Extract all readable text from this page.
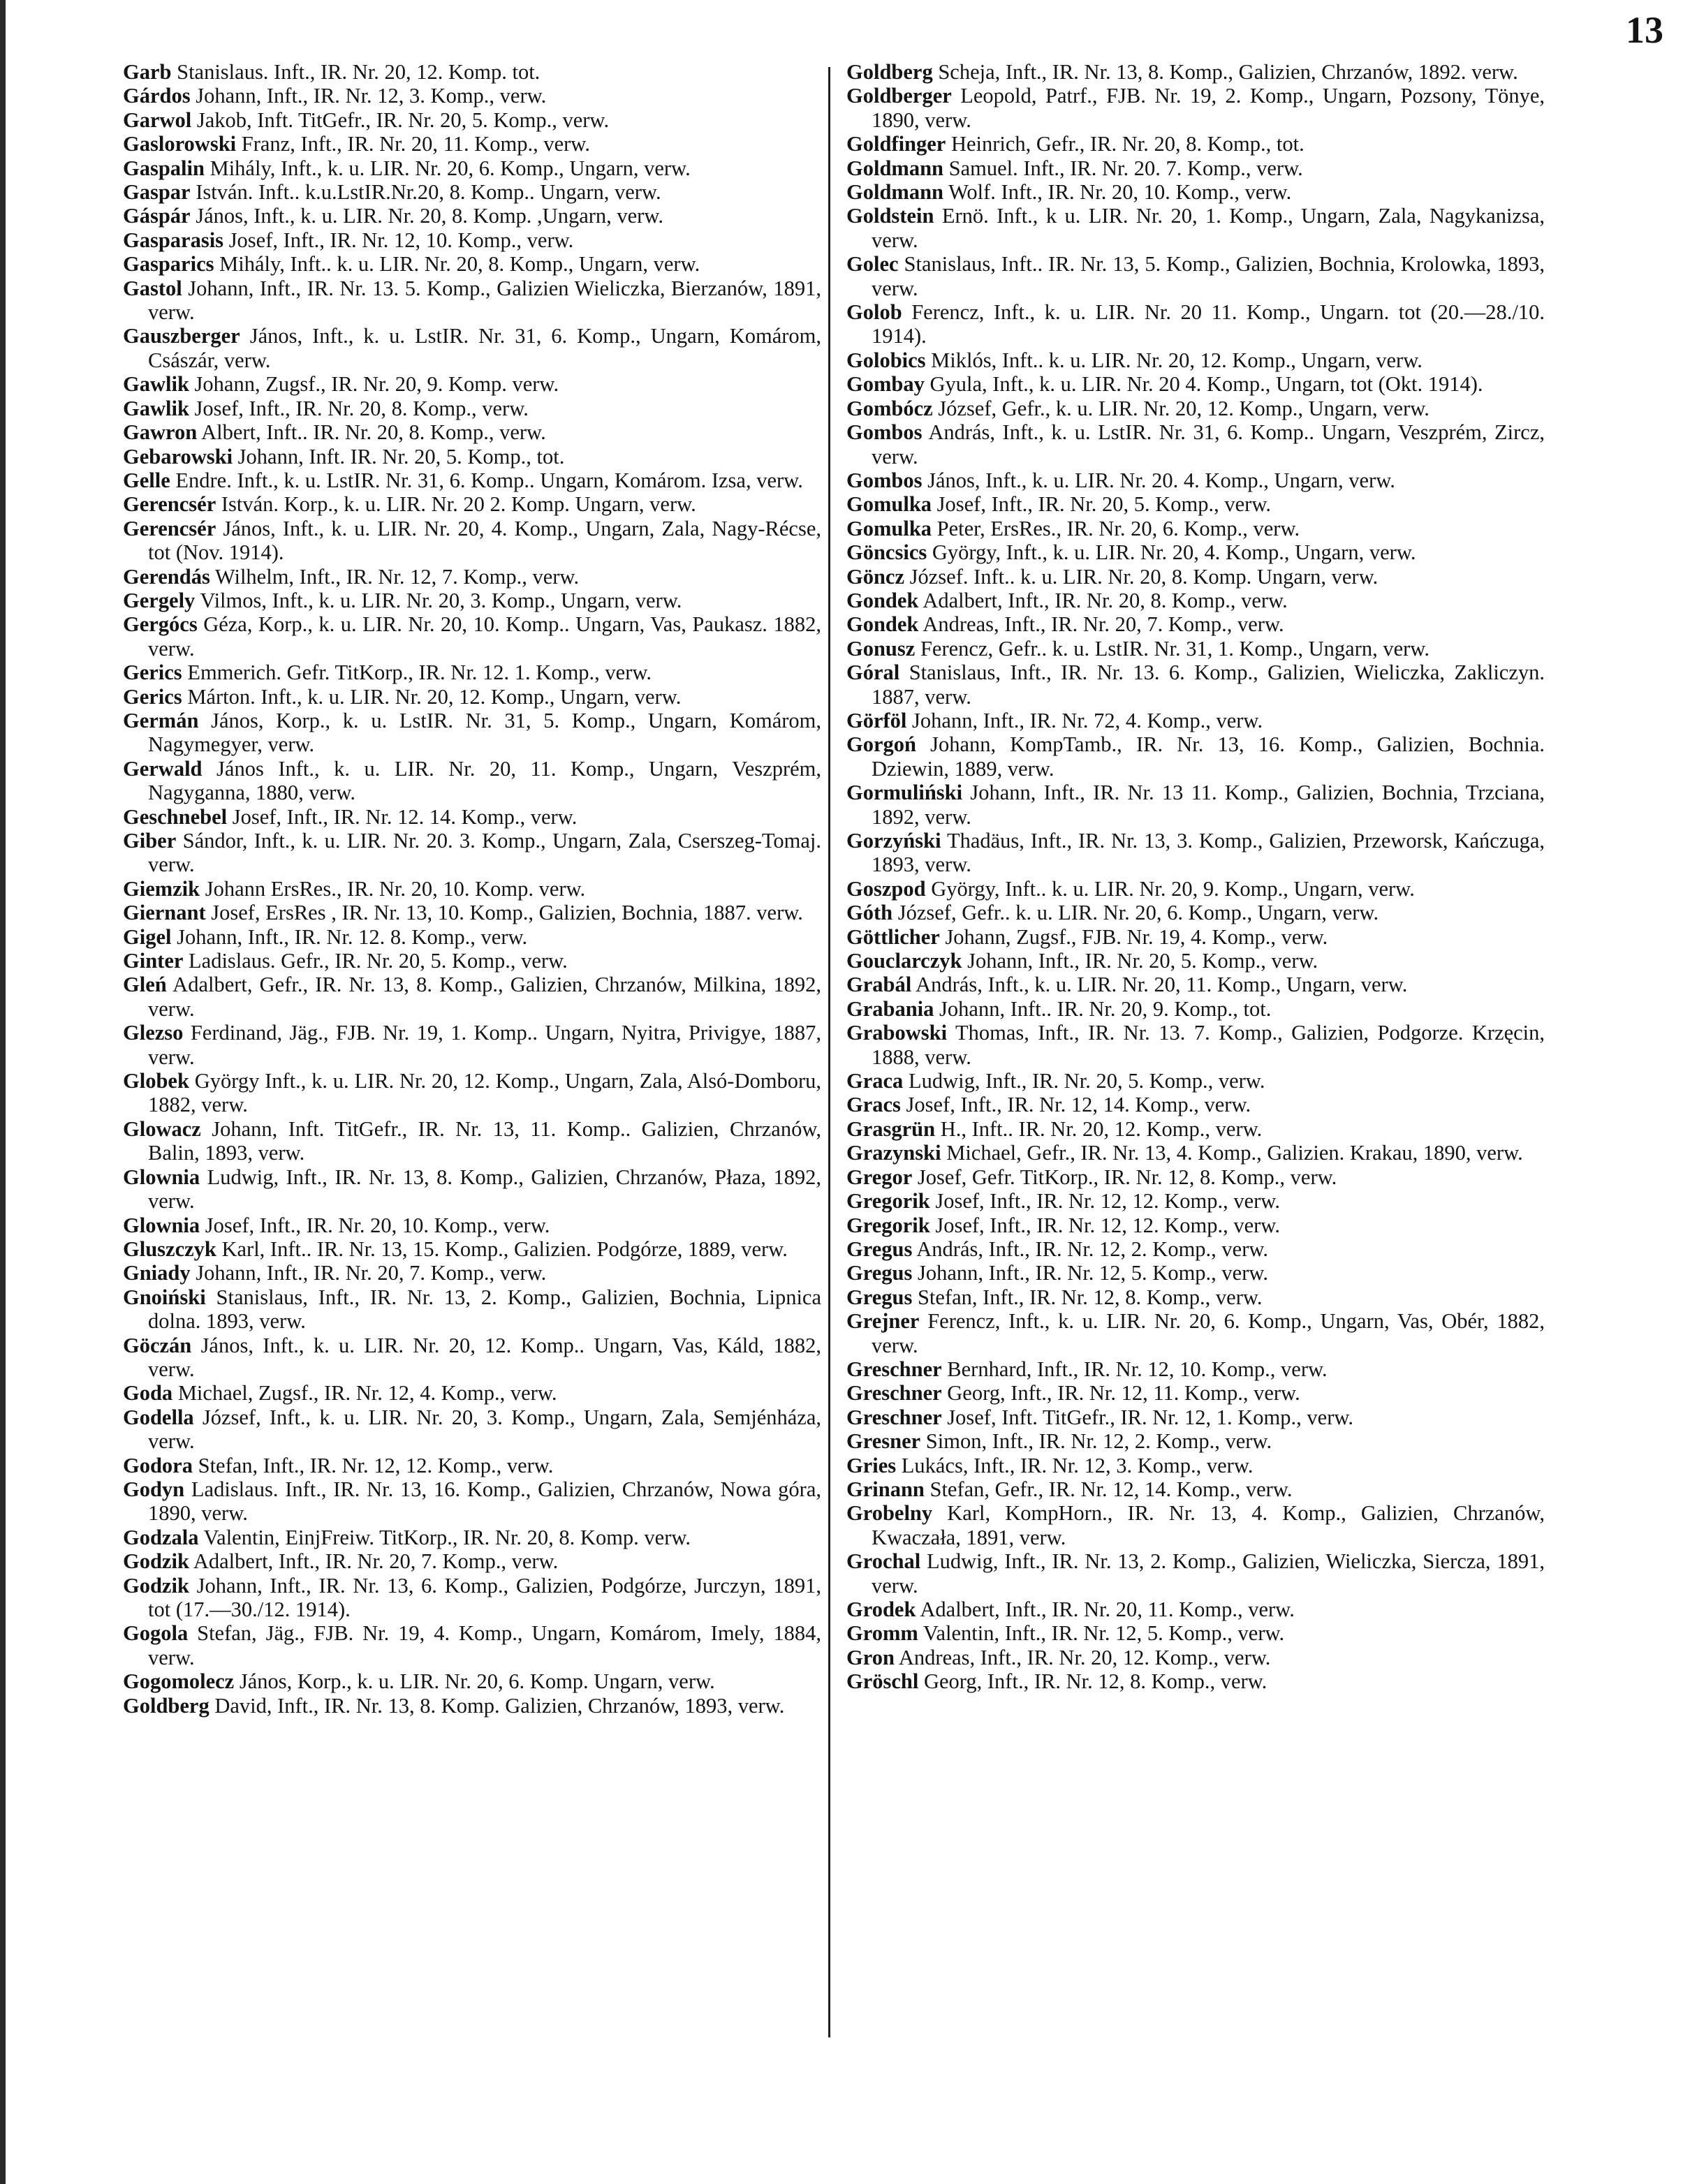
13

Garb Stanislaus. Inft., IR. Nr. 20, 12. Komp. tot.

Gárdos Johann, Inft., IR. Nr. 12, 3. Komp., verw.

Garwol Jakob, Inft. TitGefr., IR. Nr. 20, 5. Komp., verw.

Gaslorowski Franz, Inft., IR. Nr. 20, 11. Komp., verw.

Gaspalin Mihály, Inft., k. u. LIR. Nr. 20, 6. Komp., Ungarn, verw.

Gaspar István. Inft.. k.u.LstIR.Nr.20, 8. Komp.. Ungarn, verw.

Gáspár János, Inft., k. u. LIR. Nr. 20, 8. Komp. ,Ungarn, verw.

Gasparasis Josef, Inft., IR. Nr. 12, 10. Komp., verw.

Gasparics Mihály, Inft.. k. u. LIR. Nr. 20, 8. Komp., Ungarn, verw.

Gastol Johann, Inft., IR. Nr. 13. 5. Komp., Galizien Wieliczka, Bierzanów, 1891, verw.

Gauszberger János, Inft., k. u. LstIR. Nr. 31, 6. Komp., Ungarn, Komárom, Császár, verw.

Gawlik Johann, Zugsf., IR. Nr. 20, 9. Komp. verw.

Gawlik Josef, Inft., IR. Nr. 20, 8. Komp., verw.

Gawron Albert, Inft.. IR. Nr. 20, 8. Komp., verw.

Gebarowski Johann, Inft. IR. Nr. 20, 5. Komp., tot.

Gelle Endre. Inft., k. u. LstIR. Nr. 31, 6. Komp.. Ungarn, Komárom. Izsa, verw.

Gerencsér István. Korp., k. u. LIR. Nr. 20 2. Komp. Ungarn, verw.

Gerencsér János, Inft., k. u. LIR. Nr. 20, 4. Komp., Ungarn, Zala, Nagy-Récse, tot (Nov. 1914).

Gerendás Wilhelm, Inft., IR. Nr. 12, 7. Komp., verw.

Gergely Vilmos, Inft., k. u. LIR. Nr. 20, 3. Komp., Ungarn, verw.

Gergócs Géza, Korp., k. u. LIR. Nr. 20, 10. Komp.. Ungarn, Vas, Paukasz. 1882, verw.

Gerics Emmerich. Gefr. TitKorp., IR. Nr. 12. 1. Komp., verw.

Gerics Márton. Inft., k. u. LIR. Nr. 20, 12. Komp., Ungarn, verw.

Germán János, Korp., k. u. LstIR. Nr. 31, 5. Komp., Ungarn, Komárom, Nagymegyer, verw.

Gerwald János Inft., k. u. LIR. Nr. 20, 11. Komp., Ungarn, Veszprém, Nagyganna, 1880, verw.

Geschnebel Josef, Inft., IR. Nr. 12. 14. Komp., verw.

Giber Sándor, Inft., k. u. LIR. Nr. 20. 3. Komp., Ungarn, Zala, Cserszeg-Tomaj. verw.

Giemzik Johann ErsRes., IR. Nr. 20, 10. Komp. verw.

Giernant Josef, ErsRes , IR. Nr. 13, 10. Komp., Galizien, Bochnia, 1887. verw.

Gigel Johann, Inft., IR. Nr. 12. 8. Komp., verw.

Ginter Ladislaus. Gefr., IR. Nr. 20, 5. Komp., verw.

Gleń Adalbert, Gefr., IR. Nr. 13, 8. Komp., Galizien, Chrzanów, Milkina, 1892, verw.

Glezso Ferdinand, Jäg., FJB. Nr. 19, 1. Komp.. Ungarn, Nyitra, Privigye, 1887, verw.

Globek György Inft., k. u. LIR. Nr. 20, 12. Komp., Ungarn, Zala, Alsó-Domboru, 1882, verw.

Glowacz Johann, Inft. TitGefr., IR. Nr. 13, 11. Komp.. Galizien, Chrzanów, Balin, 1893, verw.

Glownia Ludwig, Inft., IR. Nr. 13, 8. Komp., Galizien, Chrzanów, Płaza, 1892, verw.

Glownia Josef, Inft., IR. Nr. 20, 10. Komp., verw.

Gluszczyk Karl, Inft.. IR. Nr. 13, 15. Komp., Galizien. Podgórze, 1889, verw.

Gniady Johann, Inft., IR. Nr. 20, 7. Komp., verw.

Gnoiński Stanislaus, Inft., IR. Nr. 13, 2. Komp., Galizien, Bochnia, Lipnica dolna. 1893, verw.

Göczán János, Inft., k. u. LIR. Nr. 20, 12. Komp.. Ungarn, Vas, Káld, 1882, verw.

Goda Michael, Zugsf., IR. Nr. 12, 4. Komp., verw.

Godella József, Inft., k. u. LIR. Nr. 20, 3. Komp., Ungarn, Zala, Semjénháza, verw.

Godora Stefan, Inft., IR. Nr. 12, 12. Komp., verw.

Godyn Ladislaus. Inft., IR. Nr. 13, 16. Komp., Galizien, Chrzanów, Nowa góra, 1890, verw.

Godzala Valentin, EinjFreiw. TitKorp., IR. Nr. 20, 8. Komp. verw.

Godzik Adalbert, Inft., IR. Nr. 20, 7. Komp., verw.

Godzik Johann, Inft., IR. Nr. 13, 6. Komp., Galizien, Podgórze, Jurczyn, 1891, tot (17.—30./12. 1914).

Gogola Stefan, Jäg., FJB. Nr. 19, 4. Komp., Ungarn, Komárom, Imely, 1884, verw.

Gogomolecz János, Korp., k. u. LIR. Nr. 20, 6. Komp. Ungarn, verw.

Goldberg David, Inft., IR. Nr. 13, 8. Komp. Galizien, Chrzanów, 1893, verw.

Goldberg Scheja, Inft., IR. Nr. 13, 8. Komp., Galizien, Chrzanów, 1892. verw.

Goldberger Leopold, Patrf., FJB. Nr. 19, 2. Komp., Ungarn, Pozsony, Tönye, 1890, verw.

Goldfinger Heinrich, Gefr., IR. Nr. 20, 8. Komp., tot.

Goldmann Samuel. Inft., IR. Nr. 20. 7. Komp., verw.

Goldmann Wolf. Inft., IR. Nr. 20, 10. Komp., verw.

Goldstein Ernö. Inft., k u. LIR. Nr. 20, 1. Komp., Ungarn, Zala, Nagykanizsa, verw.

Golec Stanislaus, Inft.. IR. Nr. 13, 5. Komp., Galizien, Bochnia, Krolowka, 1893, verw.

Golob Ferencz, Inft., k. u. LIR. Nr. 20 11. Komp., Ungarn. tot (20.—28./10. 1914).

Golobics Miklós, Inft.. k. u. LIR. Nr. 20, 12. Komp., Ungarn, verw.

Gombay Gyula, Inft., k. u. LIR. Nr. 20 4. Komp., Ungarn, tot (Okt. 1914).

Gombócz József, Gefr., k. u. LIR. Nr. 20, 12. Komp., Ungarn, verw.

Gombos András, Inft., k. u. LstIR. Nr. 31, 6. Komp.. Ungarn, Veszprém, Zircz, verw.

Gombos János, Inft., k. u. LIR. Nr. 20. 4. Komp., Ungarn, verw.

Gomulka Josef, Inft., IR. Nr. 20, 5. Komp., verw.

Gomulka Peter, ErsRes., IR. Nr. 20, 6. Komp., verw.

Göncsics György, Inft., k. u. LIR. Nr. 20, 4. Komp., Ungarn, verw.

Göncz József. Inft.. k. u. LIR. Nr. 20, 8. Komp. Ungarn, verw.

Gondek Adalbert, Inft., IR. Nr. 20, 8. Komp., verw.

Gondek Andreas, Inft., IR. Nr. 20, 7. Komp., verw.

Gonusz Ferencz, Gefr.. k. u. LstIR. Nr. 31, 1. Komp., Ungarn, verw.

Góral Stanislaus, Inft., IR. Nr. 13. 6. Komp., Galizien, Wieliczka, Zakliczyn. 1887, verw.

Görföl Johann, Inft., IR. Nr. 72, 4. Komp., verw.

Gorgoń Johann, KompTamb., IR. Nr. 13, 16. Komp., Galizien, Bochnia. Dziewin, 1889, verw.

Gormuliński Johann, Inft., IR. Nr. 13 11. Komp., Galizien, Bochnia, Trzciana, 1892, verw.

Gorzyński Thadäus, Inft., IR. Nr. 13, 3. Komp., Galizien, Przeworsk, Kańczuga, 1893, verw.

Goszpod György, Inft.. k. u. LIR. Nr. 20, 9. Komp., Ungarn, verw.

Góth József, Gefr.. k. u. LIR. Nr. 20, 6. Komp., Ungarn, verw.

Göttlicher Johann, Zugsf., FJB. Nr. 19, 4. Komp., verw.

Gouclarczyk Johann, Inft., IR. Nr. 20, 5. Komp., verw.

Grabál András, Inft., k. u. LIR. Nr. 20, 11. Komp., Ungarn, verw.

Grabania Johann, Inft.. IR. Nr. 20, 9. Komp., tot.

Grabowski Thomas, Inft., IR. Nr. 13. 7. Komp., Galizien, Podgorze. Krzęcin, 1888, verw.

Graca Ludwig, Inft., IR. Nr. 20, 5. Komp., verw.

Gracs Josef, Inft., IR. Nr. 12, 14. Komp., verw.

Grasgrün H., Inft.. IR. Nr. 20, 12. Komp., verw.

Grazynski Michael, Gefr., IR. Nr. 13, 4. Komp., Galizien. Krakau, 1890, verw.

Gregor Josef, Gefr. TitKorp., IR. Nr. 12, 8. Komp., verw.

Gregorik Josef, Inft., IR. Nr. 12, 12. Komp., verw.

Gregorik Josef, Inft., IR. Nr. 12, 12. Komp., verw.

Gregus András, Inft., IR. Nr. 12, 2. Komp., verw.

Gregus Johann, Inft., IR. Nr. 12, 5. Komp., verw.

Gregus Stefan, Inft., IR. Nr. 12, 8. Komp., verw.

Grejner Ferencz, Inft., k. u. LIR. Nr. 20, 6. Komp., Ungarn, Vas, Obér, 1882, verw.

Greschner Bernhard, Inft., IR. Nr. 12, 10. Komp., verw.

Greschner Georg, Inft., IR. Nr. 12, 11. Komp., verw.

Greschner Josef, Inft. TitGefr., IR. Nr. 12, 1. Komp., verw.

Gresner Simon, Inft., IR. Nr. 12, 2. Komp., verw.

Gries Lukács, Inft., IR. Nr. 12, 3. Komp., verw.

Grinann Stefan, Gefr., IR. Nr. 12, 14. Komp., verw.

Grobelny Karl, KompHorn., IR. Nr. 13, 4. Komp., Galizien, Chrzanów, Kwaczała, 1891, verw.

Grochal Ludwig, Inft., IR. Nr. 13, 2. Komp., Galizien, Wieliczka, Siercza, 1891, verw.

Grodek Adalbert, Inft., IR. Nr. 20, 11. Komp., verw.

Gromm Valentin, Inft., IR. Nr. 12, 5. Komp., verw.

Gron Andreas, Inft., IR. Nr. 20, 12. Komp., verw.

Gröschl Georg, Inft., IR. Nr. 12, 8. Komp., verw.
